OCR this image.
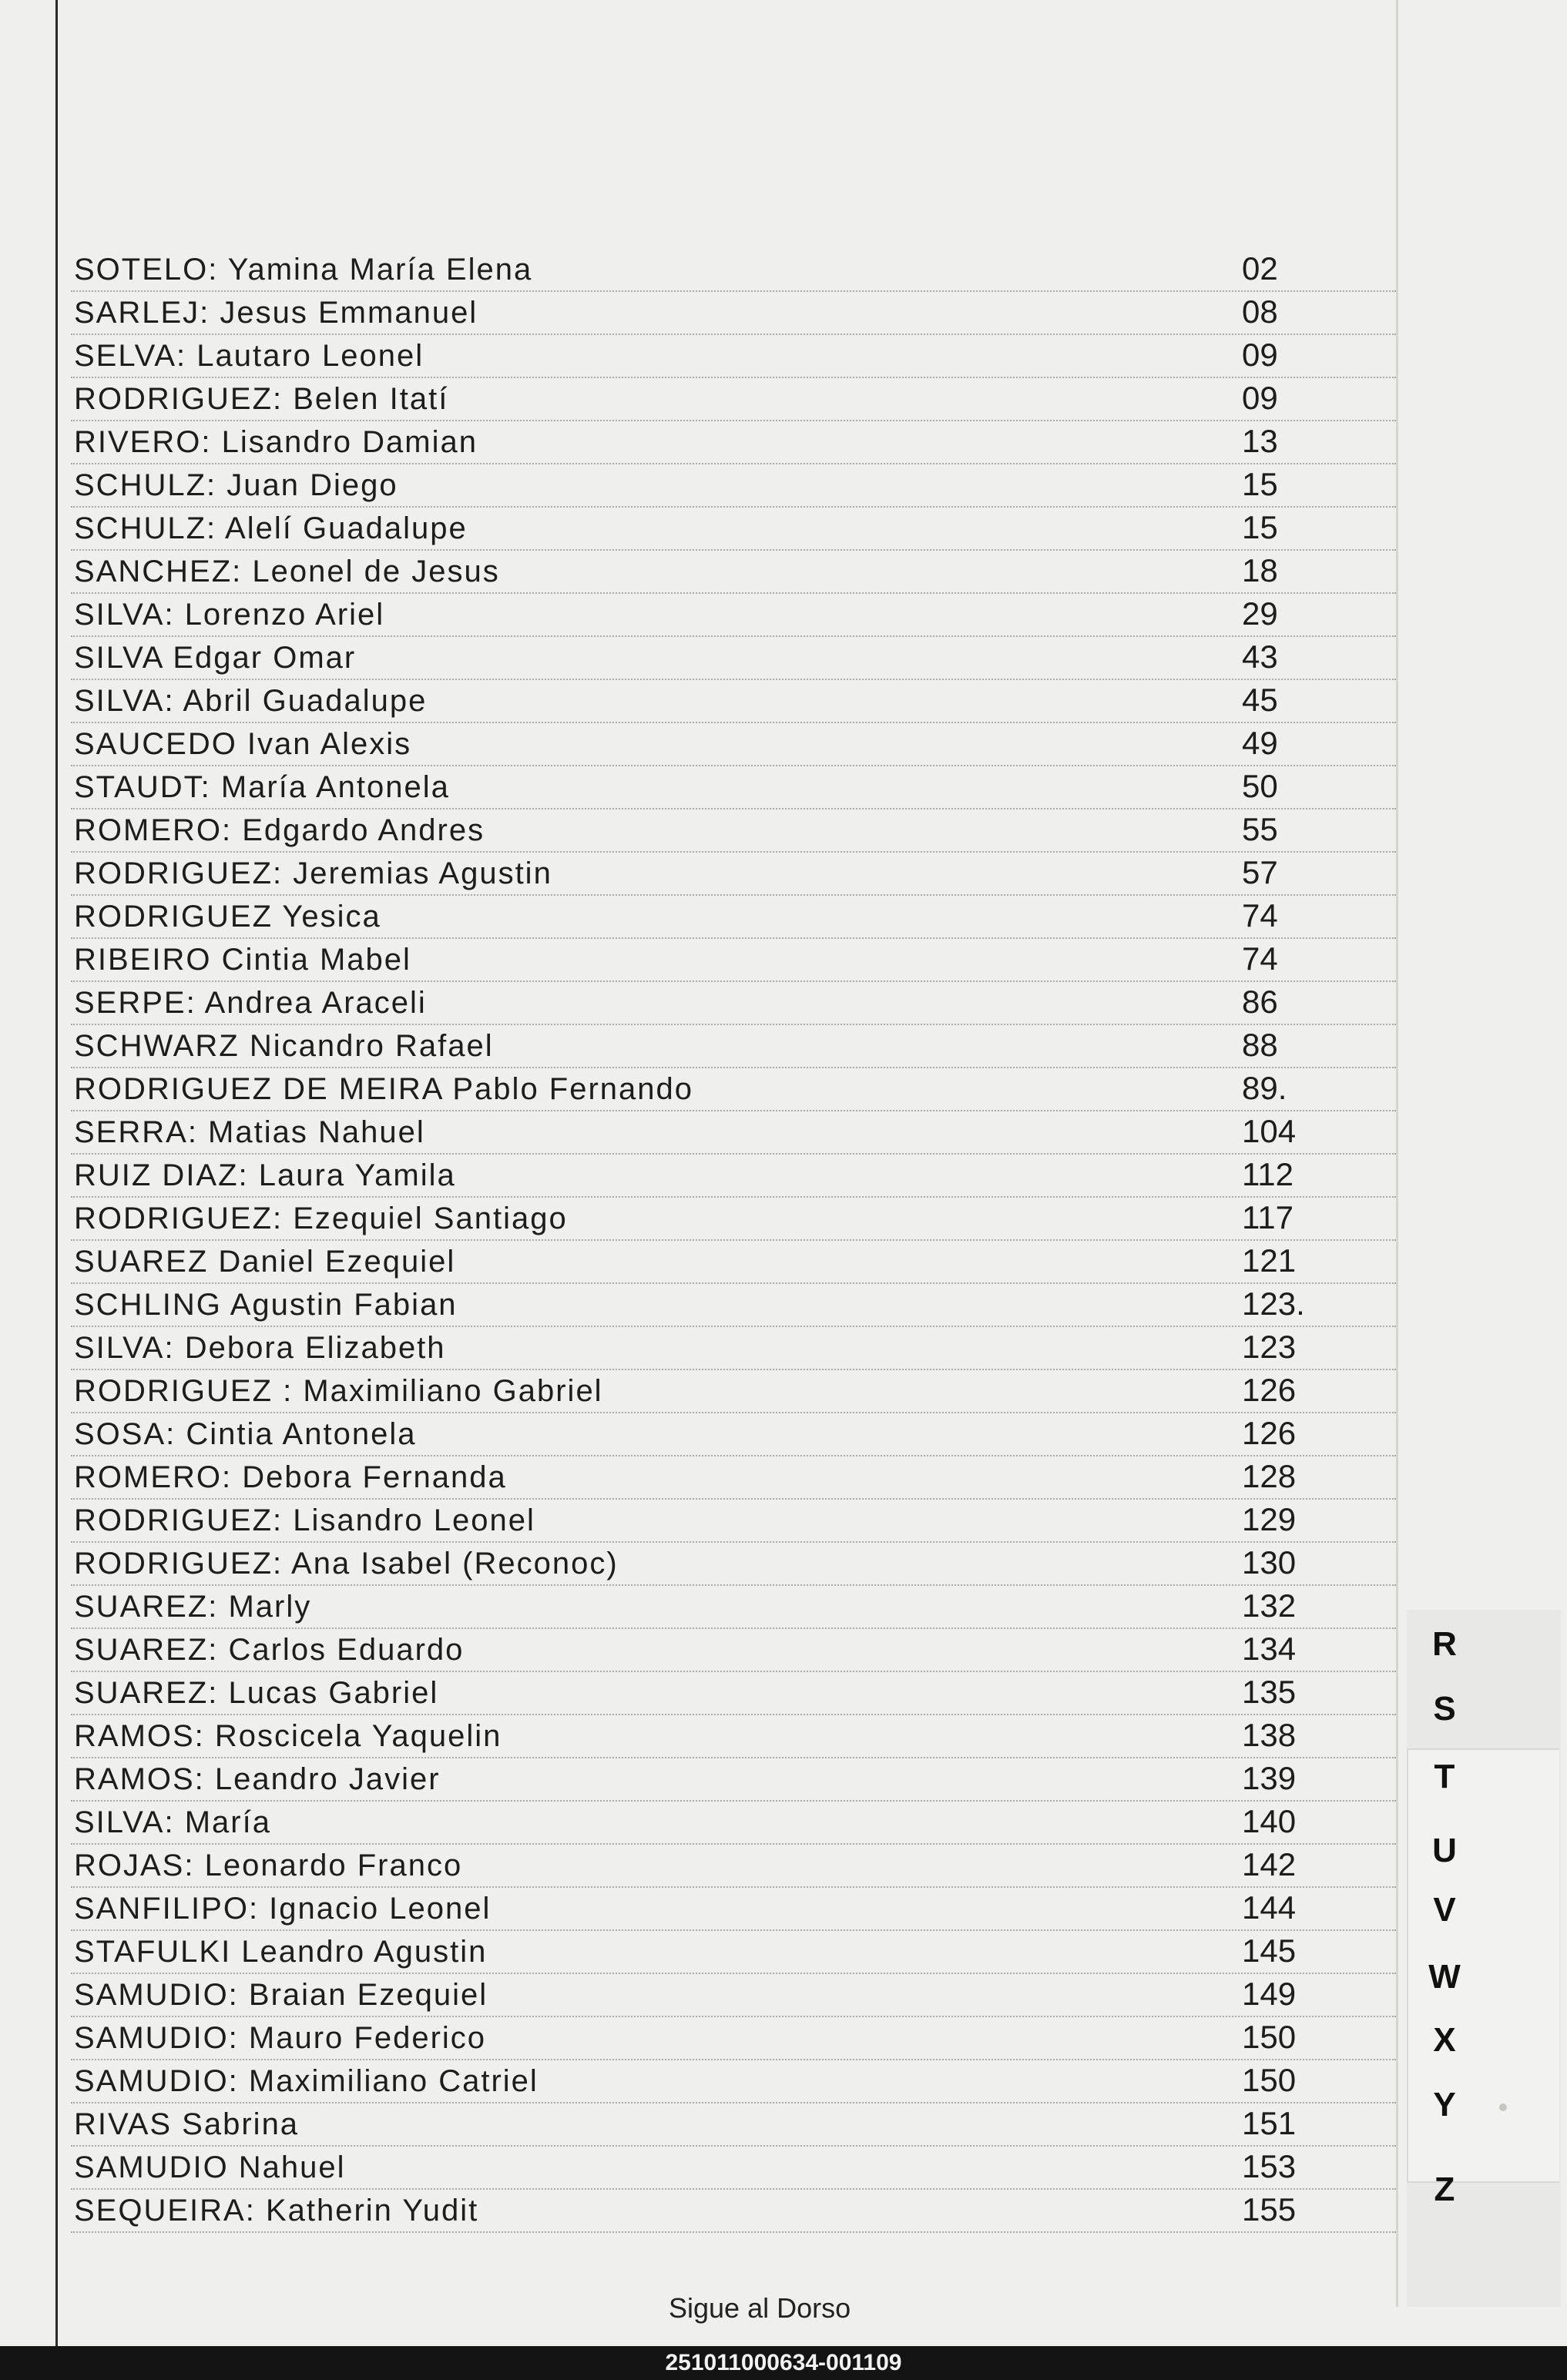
SOTELO: Yamina María Elena	02
SARLEJ: Jesus Emmanuel	08
SELVA: Lautaro Leonel	09
RODRIGUEZ: Belen Itatí	09
RIVERO: Lisandro Damian	13
SCHULZ: Juan Diego	15
SCHULZ: Alelí Guadalupe	15
SANCHEZ: Leonel de Jesus	18
SILVA: Lorenzo Ariel	29
SILVA Edgar Omar	43
SILVA: Abril Guadalupe	45
SAUCEDO Ivan Alexis	49
STAUDT: María Antonela	50
ROMERO: Edgardo Andres	55
RODRIGUEZ: Jeremias Agustin	57
RODRIGUEZ Yesica	74
RIBEIRO Cintia Mabel	74
SERPE: Andrea Araceli	86
SCHWARZ Nicandro Rafael	88
RODRIGUEZ DE MEIRA Pablo Fernando	89.
SERRA: Matias Nahuel	104
RUIZ DIAZ: Laura Yamila	112
RODRIGUEZ: Ezequiel Santiago	117
SUAREZ Daniel Ezequiel	121
SCHLING Agustin Fabian	123.
SILVA: Debora Elizabeth	123
RODRIGUEZ : Maximiliano Gabriel	126
SOSA: Cintia Antonela	126
ROMERO: Debora Fernanda	128
RODRIGUEZ: Lisandro Leonel	129
RODRIGUEZ: Ana Isabel (Reconoc)	130
SUAREZ: Marly	132
SUAREZ: Carlos Eduardo	134
SUAREZ: Lucas Gabriel	135
RAMOS: Roscicela Yaquelin	138
RAMOS: Leandro Javier	139
SILVA: María	140
ROJAS: Leonardo Franco	142
SANFILIPO: Ignacio Leonel	144
STAFULKI Leandro Agustin	145
SAMUDIO: Braian Ezequiel	149
SAMUDIO: Mauro Federico	150
SAMUDIO: Maximiliano Catriel	150
RIVAS Sabrina	151
SAMUDIO Nahuel	153
SEQUEIRA: Katherin Yudit	155
Sigue al Dorso
R
S
T
U
V
W
X
Y
Z
251011000634-001109
